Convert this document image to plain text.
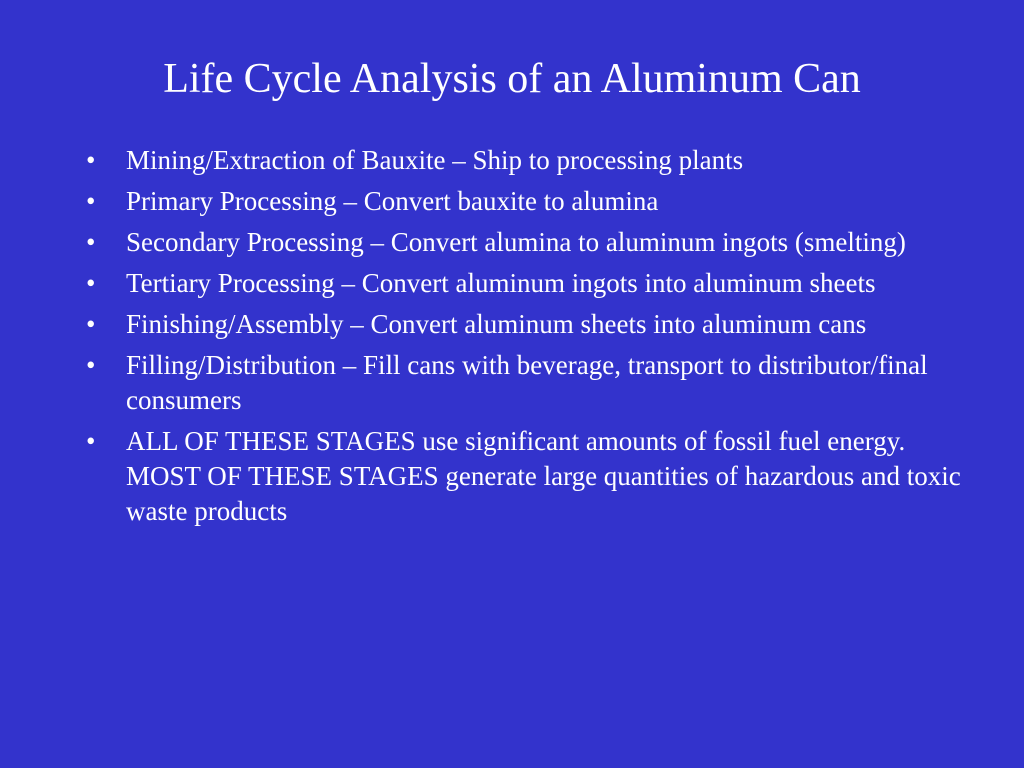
Life Cycle Analysis of an Aluminum Can
•	Mining/Extraction of Bauxite – Ship to processing plants
•	Primary Processing – Convert bauxite to alumina
•	Secondary Processing – Convert alumina to aluminum ingots (smelting)
•	Tertiary Processing – Convert aluminum ingots into aluminum sheets
•	Finishing/Assembly – Convert aluminum sheets into aluminum cans
•	Filling/Distribution – Fill cans with beverage, transport to distributor/final consumers
•	ALL OF THESE STAGES use significant amounts of fossil fuel energy. MOST OF THESE STAGES generate large quantities of hazardous and toxic waste products
